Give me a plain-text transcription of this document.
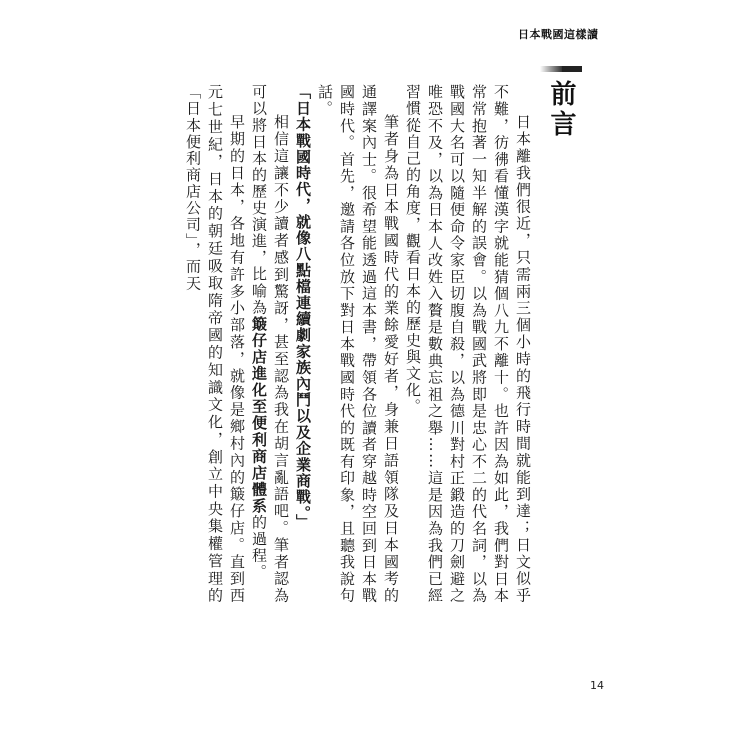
日本戰國這樣讀
前言

日本離我們很近，只需兩三個小時的飛行時間就能到達；日文似乎不難，彷彿看懂漢字就能猜個八九不離十。也許因為如此，我們對日本常常抱著一知半解的誤會。以為戰國武將即是忠心不二的代名詞，以為戰國大名可以隨便命令家臣切腹自殺，以為德川對村正鍛造的刀劍避之唯恐不及，以為日本人改姓入贅是數典忘祖之舉……這是因為我們已經習慣從自己的角度，觀看日本的歷史與文化。

筆者身為日本戰國時代的業餘愛好者，身兼日語領隊及日本國考的通譯案內士。很希望能透過這本書，帶領各位讀者穿越時空回到日本戰國時代。首先，邀請各位放下對日本戰國時代的既有印象，且聽我說句話。

「日本戰國時代，就像八點檔連續劇家族內鬥以及企業商戰。」

相信這讓不少讀者感到驚訝，甚至認為我在胡言亂語吧。筆者認為可以將日本的歷史演進，比喻為簸仔店進化至便利商店體系的過程。

早期的日本，各地有許多小部落，就像是鄉村內的簸仔店。直到西元七世紀，日本的朝廷吸取隋帝國的知識文化，創立中央集權管理的「日本便利商店公司」，而天

14
